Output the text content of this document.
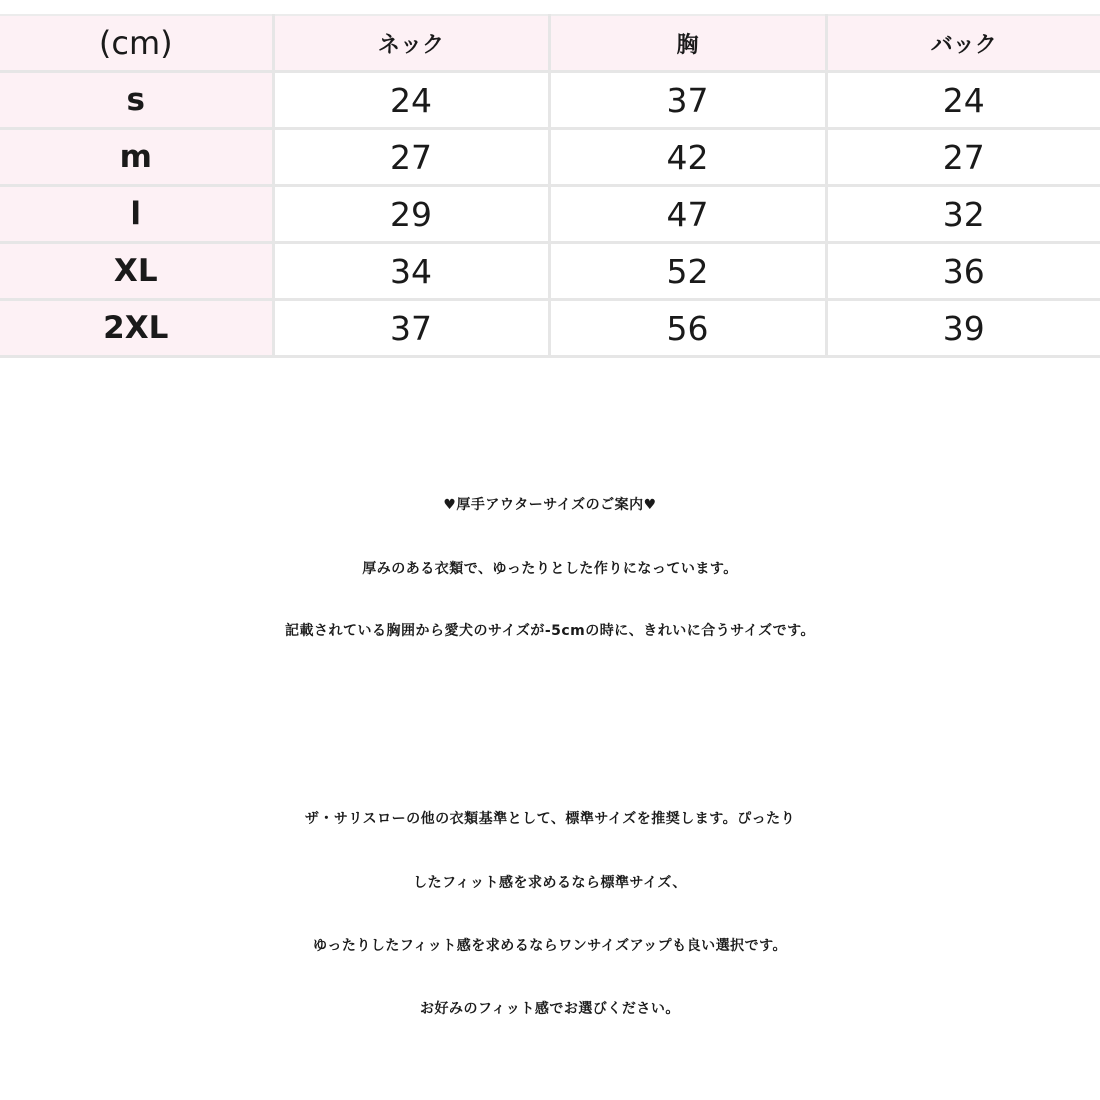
(cm)	ネック	胸	バック
s	24	37	24
m	27	42	27
l	29	47	32
XL	34	52	36
2XL	37	56	39
♥厚手アウターサイズのご案内♥
厚みのある衣類で、ゆったりとした作りになっています。
記載されている胸囲から愛犬のサイズが-5cmの時に、きれいに合うサイズです。
ザ・サリスローの他の衣類基準として、標準サイズを推奨します。ぴったり
したフィット感を求めるなら標準サイズ、
ゆったりしたフィット感を求めるならワンサイズアップも良い選択です。
お好みのフィット感でお選びください。
